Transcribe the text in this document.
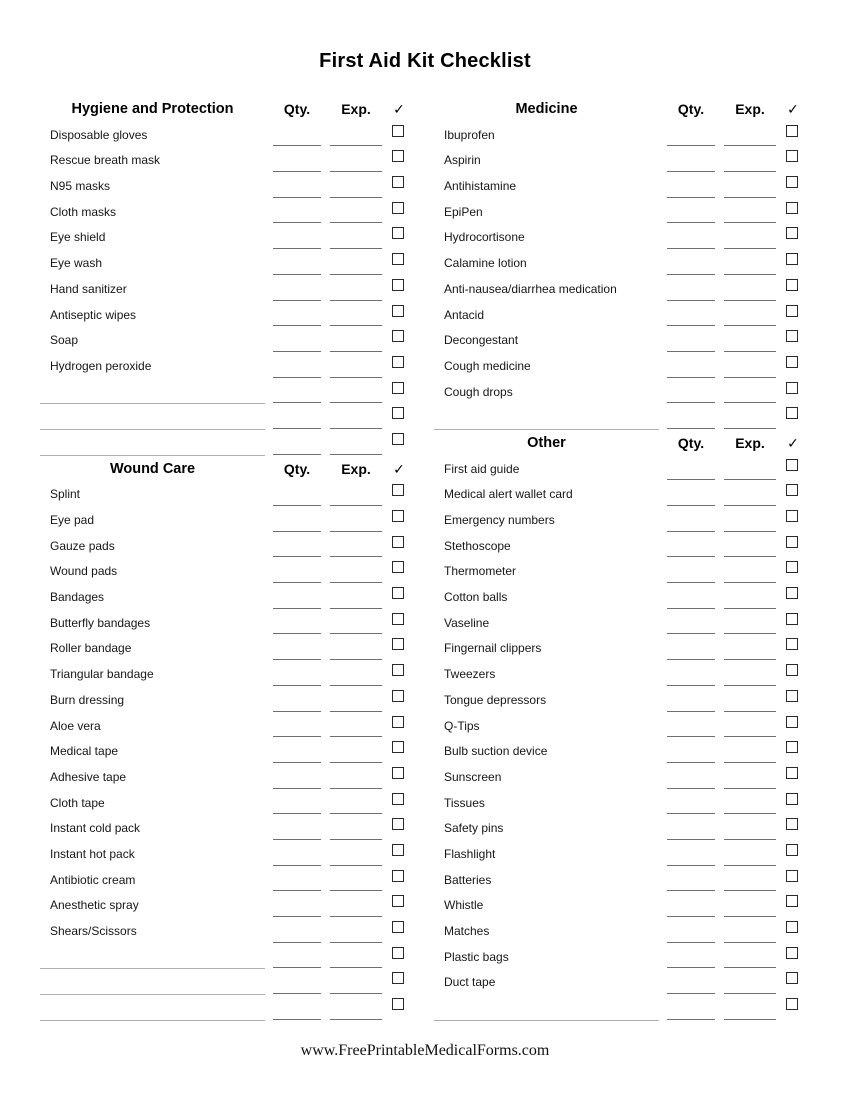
First Aid Kit Checklist
Hygiene and Protection	Qty.	Exp.	✓
Disposable gloves
Rescue breath mask
N95 masks
Cloth masks
Eye shield
Eye wash
Hand sanitizer
Antiseptic wipes
Soap
Hydrogen peroxide
Wound Care	Qty.	Exp.	✓
Splint
Eye pad
Gauze pads
Wound pads
Bandages
Butterfly bandages
Roller bandage
Triangular bandage
Burn dressing
Aloe vera
Medical tape
Adhesive tape
Cloth tape
Instant cold pack
Instant hot pack
Antibiotic cream
Anesthetic spray
Shears/Scissors
Medicine	Qty.	Exp.	✓
Ibuprofen
Aspirin
Antihistamine
EpiPen
Hydrocortisone
Calamine lotion
Anti-nausea/diarrhea medication
Antacid
Decongestant
Cough medicine
Cough drops
Other	Qty.	Exp.	✓
First aid guide
Medical alert wallet card
Emergency numbers
Stethoscope
Thermometer
Cotton balls
Vaseline
Fingernail clippers
Tweezers
Tongue depressors
Q-Tips
Bulb suction device
Sunscreen
Tissues
Safety pins
Flashlight
Batteries
Whistle
Matches
Plastic bags
Duct tape
www.FreePrintableMedicalForms.com
